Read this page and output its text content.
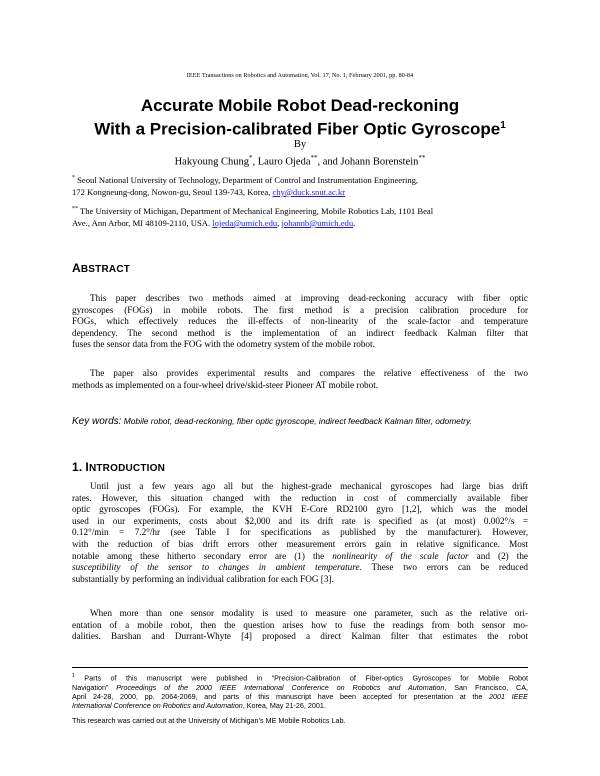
IEEE Transactions on Robotics and Automation, Vol. 17, No. 1, February 2001, pp. 80-84
Accurate Mobile Robot Dead-reckoning
With a Precision-calibrated Fiber Optic Gyroscope$^1$
By
Hakyoung Chung*, Lauro Ojeda**, and Johann Borenstein**
* Seoul National University of Technology, Department of Control and Instrumentation Engineering,
172 Kongneung-dong, Nowon-gu, Seoul 139-743, Korea, chy@duck.snut.ac.kr
** The University of Michigan, Department of Mechanical Engineering, Mobile Robotics Lab, 1101 Beal
Ave., Ann Arbor, MI 48109-2110, USA. lojeda@umich.edu, johannb@umich.edu.
ABSTRACT
This paper describes two methods aimed at improving dead-reckoning accuracy with fiber optic
gyroscopes (FOGs) in mobile robots. The first method is a precision calibration procedure for
FOGs, which effectively reduces the ill-effects of non-linearity of the scale-factor and temperature
dependency. The second method is the implementation of an indirect feedback Kalman filter that
fuses the sensor data from the FOG with the odometry system of the mobile robot.
The paper also provides experimental results and compares the relative effectiveness of the two
methods as implemented on a four-wheel drive/skid-steer Pioneer AT mobile robot.
Key words: Mobile robot, dead-reckoning, fiber optic gyroscope, indirect feedback Kalman filter, odometry.
1. INTRODUCTION
Until just a few years ago all but the highest-grade mechanical gyroscopes had large bias drift
rates. However, this situation changed with the reduction in cost of commercially available fiber
optic gyroscopes (FOGs). For example, the KVH E-Core RD2100 gyro [1,2], which was the model
used in our experiments, costs about $2,000 and its drift rate is specified as (at most) 0.002°/s =
0.12°/min = 7.2°/hr (see Table I for specifications as published by the manufacturer). However,
with the reduction of bias drift errors other measurement errors gain in relative significance. Most
notable among these hitherto secondary error are (1) the nonlinearity of the scale factor and (2) the
susceptibility of the sensor to changes in ambient temperature. These two errors can be reduced
substantially by performing an individual calibration for each FOG [3].
When more than one sensor modality is used to measure one parameter, such as the relative ori-
entation of a mobile robot, then the question arises how to fuse the readings from both sensor mo-
dalities. Barshan and Durrant-Whyte [4] proposed a direct Kalman filter that estimates the robot
$^1$ Parts of this manuscript were published in “Precision-Calibration of Fiber-optics Gyroscopes for Mobile Robot
Navigation” Proceedings of the 2000 IEEE International Conference on Robotics and Automation, San Francisco, CA,
April 24-28, 2000, pp. 2064-2069, and parts of this manuscript have been accepted for presentation at the 2001 IEEE
International Conference on Robotics and Automation, Korea, May 21-26, 2001.
This research was carried out at the University of Michigan’s ME Mobile Robotics Lab.
